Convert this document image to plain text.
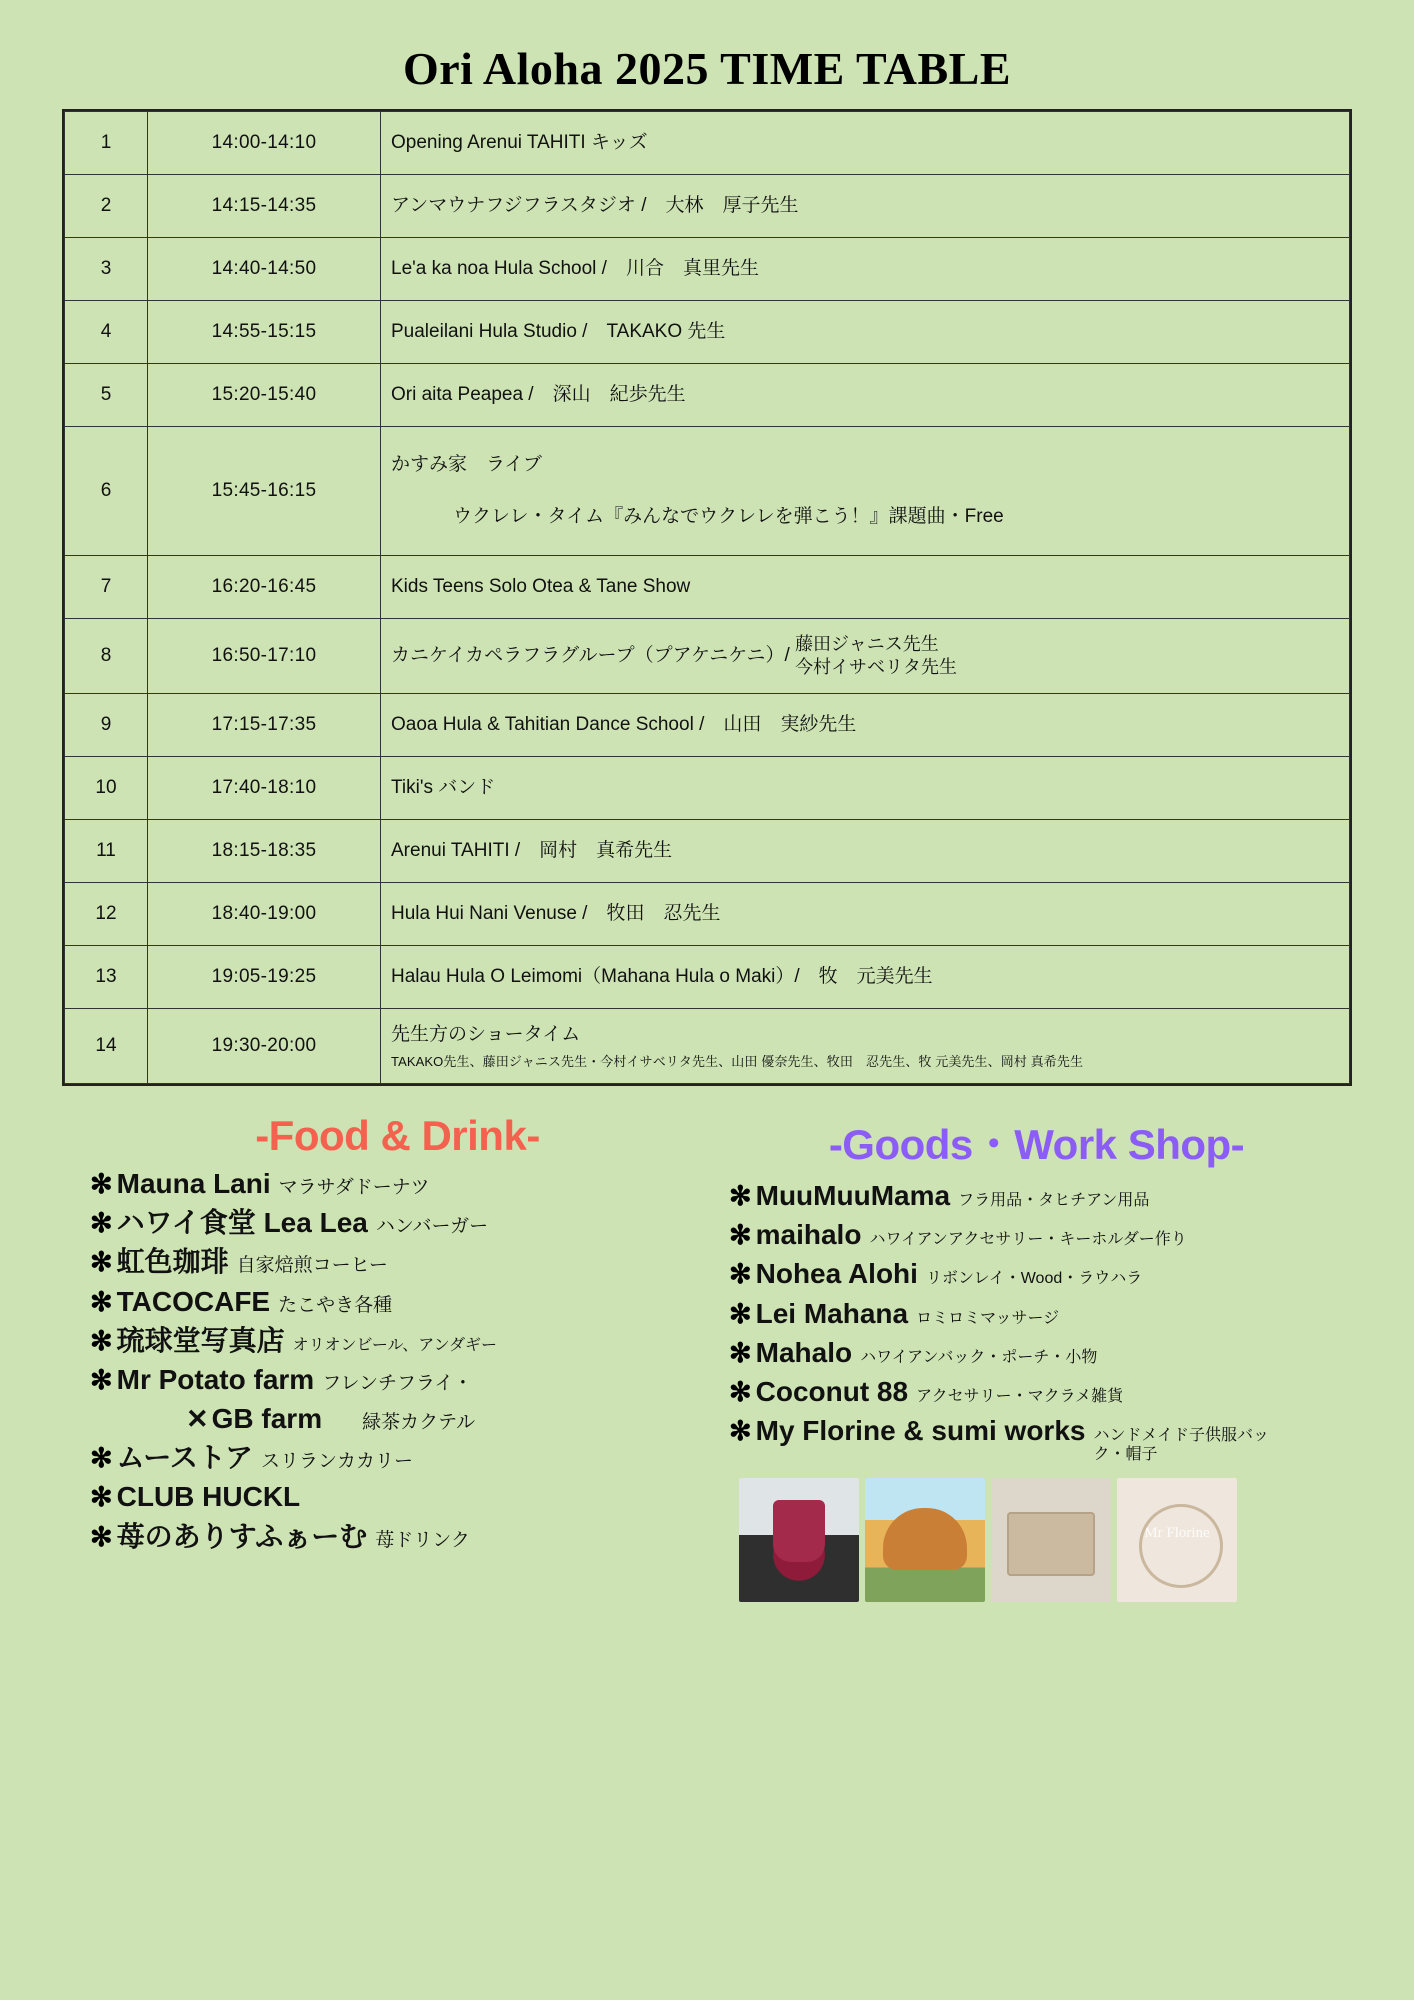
Ori Aloha 2025 TIME TABLE
1	14:00-14:10	Opening Arenui TAHITI キッズ
2	14:15-14:35	アンマウナフジフラスタジオ /　大林　厚子先生
3	14:40-14:50	Le'a ka noa Hula School /　川合　真里先生
4	14:55-15:15	Pualeilani Hula Studio /　TAKAKO 先生
5	15:20-15:40	Ori aita Peapea /　深山　紀歩先生
6	15:45-16:15	かすみ家　ライブ
ウクレレ・タイム『みんなでウクレレを弾こう！』課題曲・Free

7	16:20-16:45	Kids Teens Solo Otea & Tane Show
8	16:50-17:10	カニケイカペラフラグループ（プアケニケニ）/
藤田ジャニス先生
今村イサベリタ先生

9	17:15-17:35	Oaoa Hula & Tahitian Dance School /　山田　実紗先生
10	17:40-18:10	Tiki's バンド
11	18:15-18:35	Arenui TAHITI /　岡村　真希先生
12	18:40-19:00	Hula Hui Nani Venuse /　牧田　忍先生
13	19:05-19:25	Halau Hula O Leimomi（Mahana Hula o Maki）/　牧　元美先生
14	19:30-20:00	先生方のショータイム
TAKAKO先生、藤田ジャニス先生・今村イサベリタ先生、山田 優奈先生、牧田　忍先生、牧 元美先生、岡村 真希先生
-Food & Drink-
✻ Mauna Lani マラサダドーナツ
✻ ハワイ食堂 Lea Lea ハンバーガー
✻ 虹色珈琲 自家焙煎コーヒー
✻ TACOCAFE たこやき各種
✻ 琉球堂写真店 オリオンビール、アンダギー
✻ Mr Potato farm フレンチフライ・
✕ GB farm 緑茶カクテル
✻ ムーストア スリランカカリー
✻ CLUB HUCKL
✻ 苺のありすふぁーむ 苺ドリンク
-Goods・Work Shop-
✻ MuuMuuMama フラ用品・タヒチアン用品
✻ maihalo ハワイアンアクセサリー・キーホルダー作り
✻ Nohea Alohi リボンレイ・Wood・ラウハラ
✻ Lei Mahana ロミロミマッサージ
✻ Mahalo ハワイアンバック・ポーチ・小物
✻ Coconut 88 アクセサリー・マクラメ雑貨
✻ My Florine & sumi works ハンドメイド子供服バック・帽子
Mr Florine
